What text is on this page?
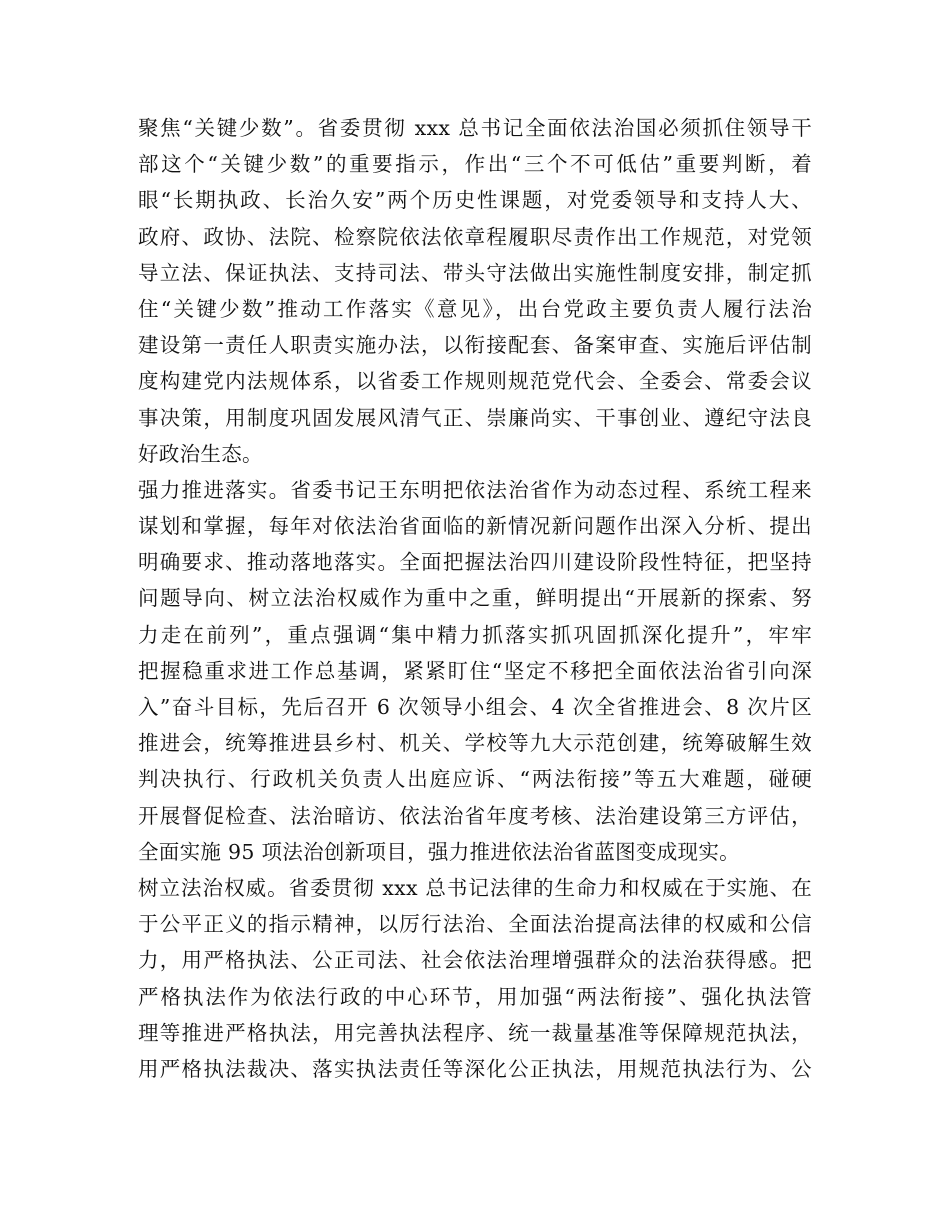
聚焦“关键少数”。省委贯彻 xxx 总书记全面依法治国必须抓住领导干
部这个“关键少数”的重要指示，作出“三个不可低估”重要判断，着
眼“长期执政、长治久安”两个历史性课题，对党委领导和支持人大、
政府、政协、法院、检察院依法依章程履职尽责作出工作规范，对党领
导立法、保证执法、支持司法、带头守法做出实施性制度安排，制定抓
住“关键少数”推动工作落实《意见》，出台党政主要负责人履行法治
建设第一责任人职责实施办法，以衔接配套、备案审查、实施后评估制
度构建党内法规体系，以省委工作规则规范党代会、全委会、常委会议
事决策，用制度巩固发展风清气正、崇廉尚实、干事创业、遵纪守法良
好政治生态。
强力推进落实。省委书记王东明把依法治省作为动态过程、系统工程来
谋划和掌握，每年对依法治省面临的新情况新问题作出深入分析、提出
明确要求、推动落地落实。全面把握法治四川建设阶段性特征，把坚持
问题导向、树立法治权威作为重中之重，鲜明提出“开展新的探索、努
力走在前列”，重点强调“集中精力抓落实抓巩固抓深化提升”，牢牢
把握稳重求进工作总基调，紧紧盯住“坚定不移把全面依法治省引向深
入”奋斗目标，先后召开 6 次领导小组会、4 次全省推进会、8 次片区
推进会，统筹推进县乡村、机关、学校等九大示范创建，统筹破解生效
判决执行、行政机关负责人出庭应诉、“两法衔接”等五大难题，碰硬
开展督促检查、法治暗访、依法治省年度考核、法治建设第三方评估，
全面实施 95 项法治创新项目，强力推进依法治省蓝图变成现实。
树立法治权威。省委贯彻 xxx 总书记法律的生命力和权威在于实施、在
于公平正义的指示精神，以厉行法治、全面法治提高法律的权威和公信
力，用严格执法、公正司法、社会依法治理增强群众的法治获得感。把
严格执法作为依法行政的中心环节，用加强“两法衔接”、强化执法管
理等推进严格执法，用完善执法程序、统一裁量基准等保障规范执法，
用严格执法裁决、落实执法责任等深化公正执法，用规范执法行为、公
